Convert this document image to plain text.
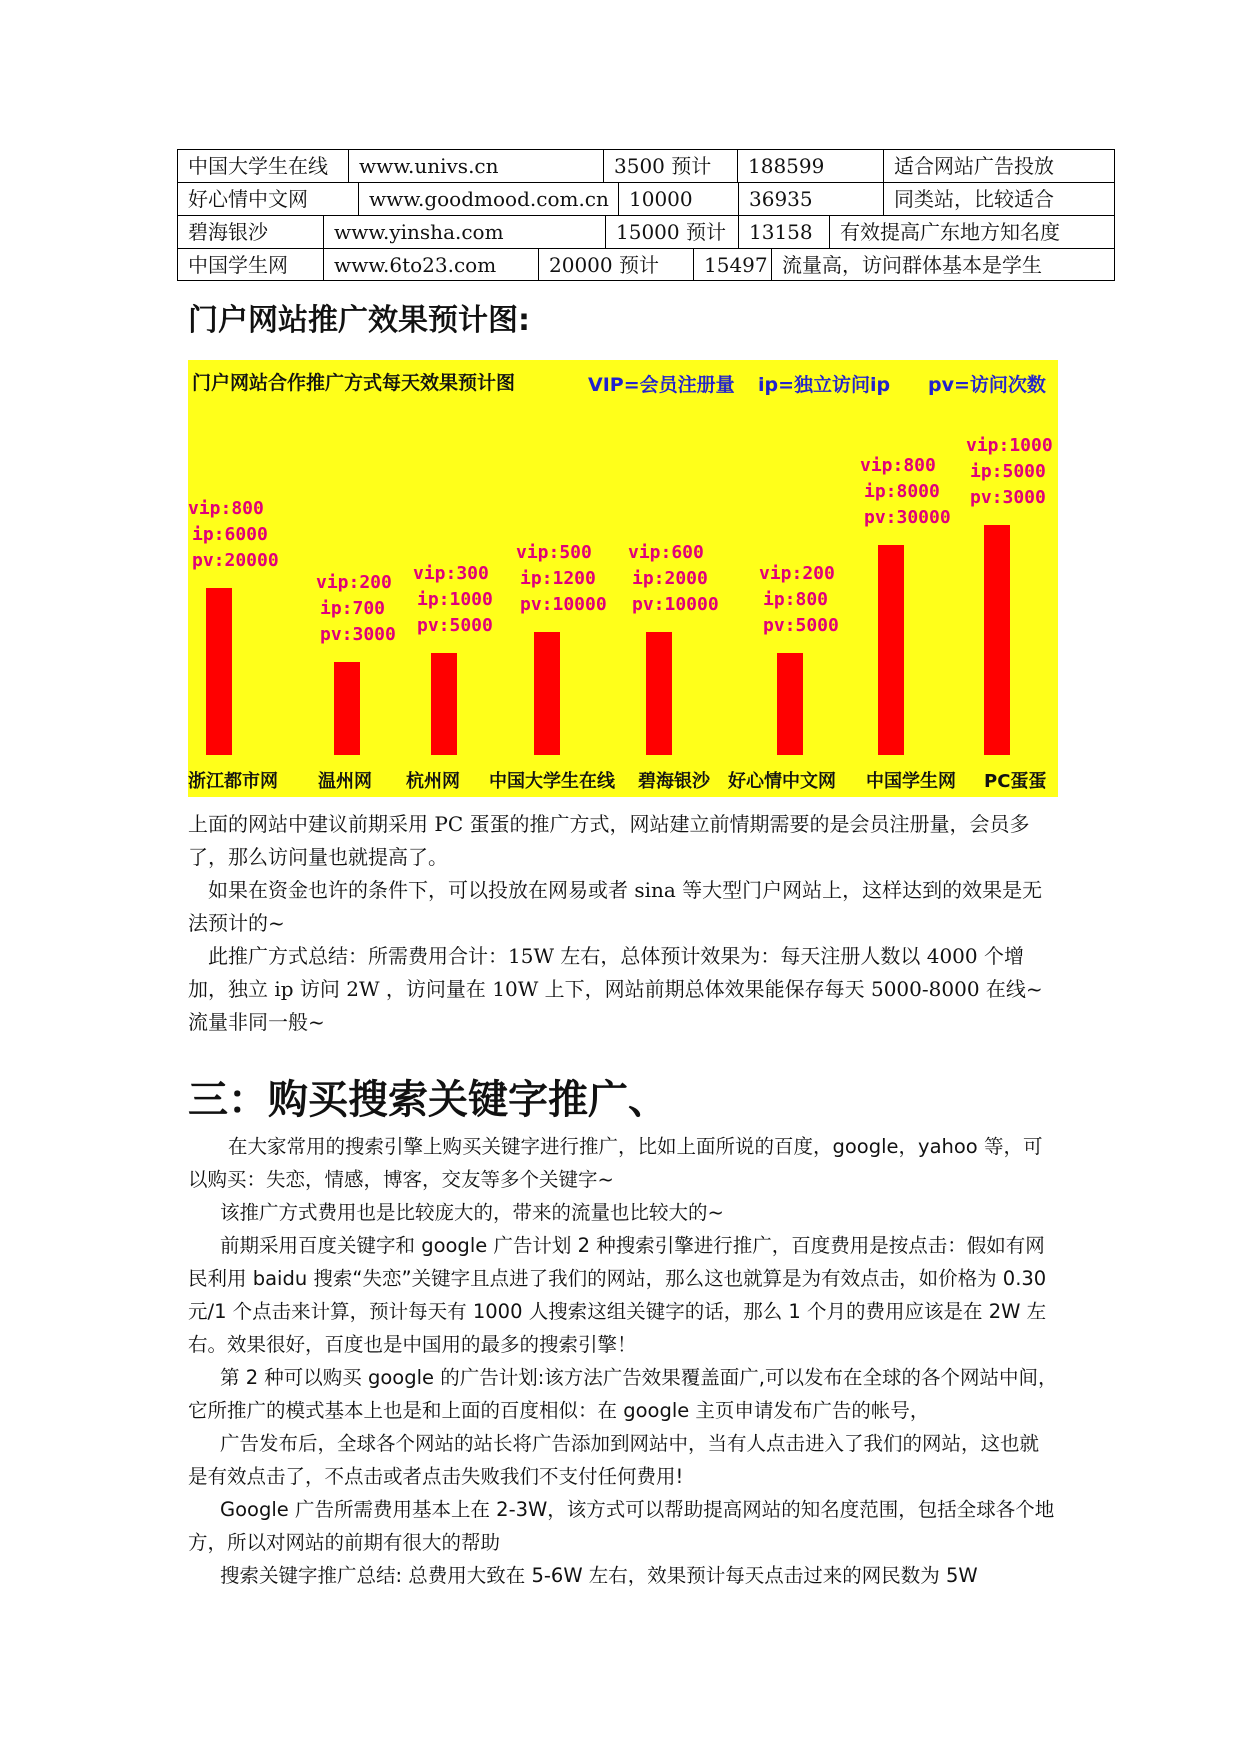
中国大学生在线	www.univs.cn	3500 预计	188599	适合网站广告投放
好心情中文网	www.goodmood.com.cn	10000	36935	同类站，比较适合
碧海银沙	www.yinsha.com	15000 预计	13158	有效提高广东地方知名度
中国学生网	www.6to23.com	20000 预计	15497 流量高，访问群体基本是学生
门户网站推广效果预计图:
门户网站合作推广方式每天效果预计图	VIP=会员注册量 ip=独立访问ip pv=访问次数
vip:800
ip:6000
pv:20000
浙江都市网
vip:200
ip:700
pv:3000
温州网
vip:300
ip:1000
pv:5000
杭州网
vip:500
ip:1200
pv:10000
中国大学生在线
vip:600
ip:2000
pv:10000
碧海银沙
vip:200
ip:800
pv:5000
好心情中文网
vip:800
ip:8000
pv:30000
中国学生网
vip:1000
ip:5000
pv:3000
PC蛋蛋
上面的网站中建议前期采用 PC 蛋蛋的推广方式，网站建立前情期需要的是会员注册量，会员多了，那么访问量也就提高了。
如果在资金也许的条件下，可以投放在网易或者 sina 等大型门户网站上，这样达到的效果是无法预计的~
此推广方式总结：所需费用合计：15W 左右，总体预计效果为：每天注册人数以 4000 个增加，独立 ip 访问 2W ，访问量在 10W 上下，网站前期总体效果能保存每天 5000-8000 在线~流量非同一般~
三：购买搜索关键字推广、
在大家常用的搜索引擎上购买关键字进行推广，比如上面所说的百度，google，yahoo 等，可以购买：失恋，情感，博客，交友等多个关键字~
该推广方式费用也是比较庞大的，带来的流量也比较大的~
前期采用百度关键字和 google 广告计划 2 种搜索引擎进行推广，百度费用是按点击：假如有网民利用 baidu 搜索“失恋”关键字且点进了我们的网站，那么这也就算是为有效点击，如价格为 0.30 元/1 个点击来计算，预计每天有 1000 人搜索这组关键字的话，那么 1 个月的费用应该是在 2W 左右。效果很好，百度也是中国用的最多的搜索引擎！
第 2 种可以购买 google 的广告计划:该方法广告效果覆盖面广,可以发布在全球的各个网站中间，它所推广的模式基本上也是和上面的百度相似：在 google 主页申请发布广告的帐号，
广告发布后，全球各个网站的站长将广告添加到网站中，当有人点击进入了我们的网站，这也就是有效点击了，不点击或者点击失败我们不支付任何费用!
Google 广告所需费用基本上在 2-3W，该方式可以帮助提高网站的知名度范围，包括全球各个地方，所以对网站的前期有很大的帮助
搜索关键字推广总结: 总费用大致在 5-6W 左右，效果预计每天点击过来的网民数为 5W
